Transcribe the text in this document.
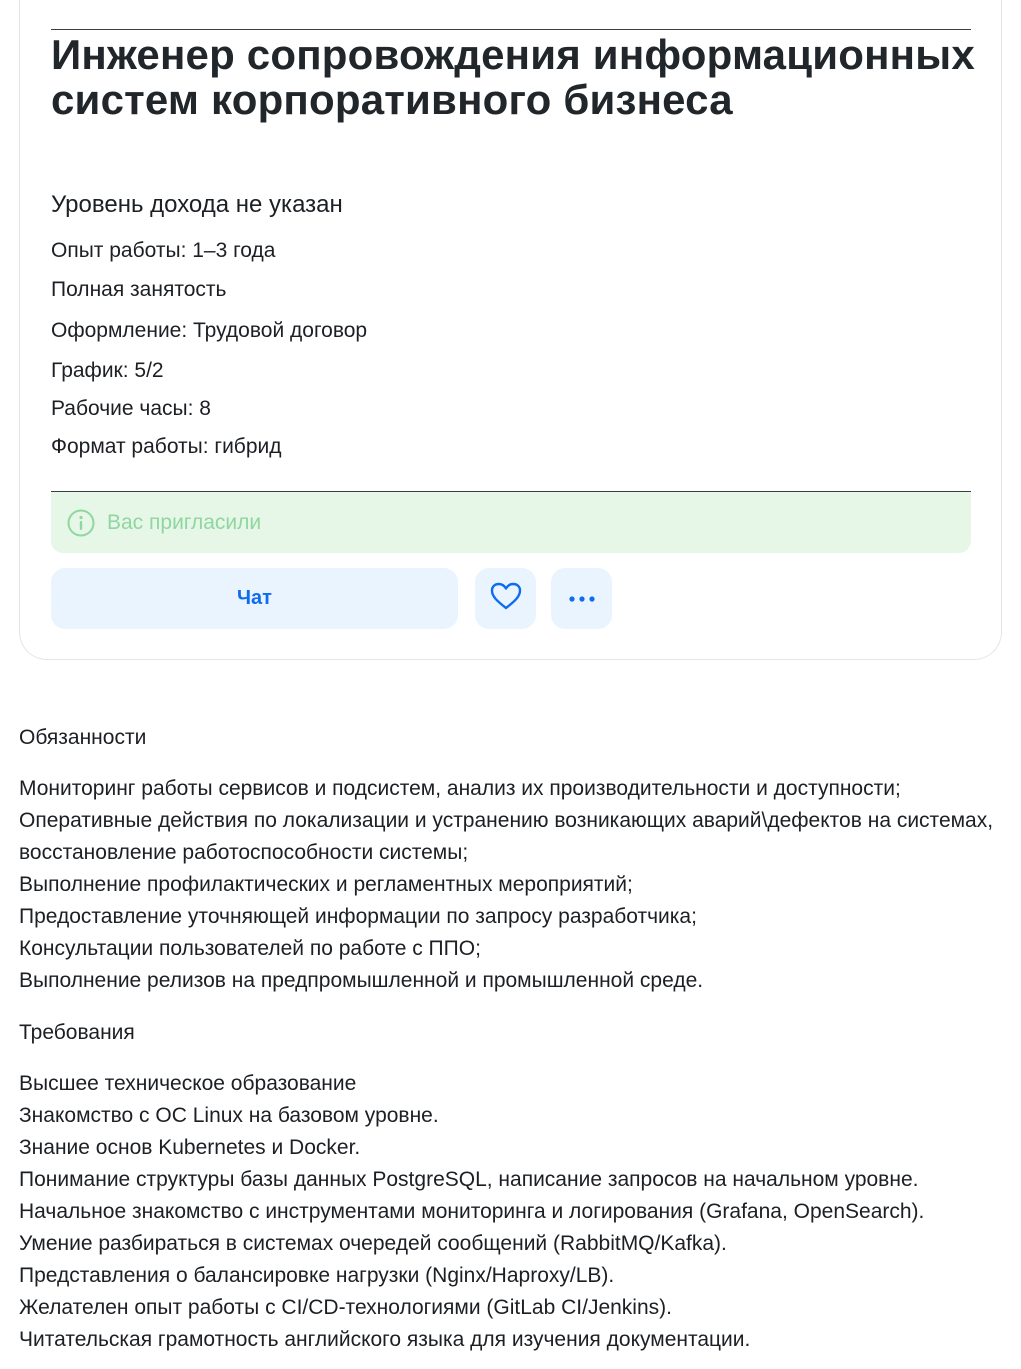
Инженер сопровождения информационных систем корпоративного бизнеса
Уровень дохода не указан
Опыт работы: 1–3 года
Полная занятость
Оформление: Трудовой договор
График: 5/2
Рабочие часы: 8
Формат работы: гибрид
Вас пригласили
Чат
Обязанности
Мониторинг работы сервисов и подсистем, анализ их производительности и доступности;
Оперативные действия по локализации и устранению возникающих аварий\дефектов на системах, восстановление работоспособности системы;
Выполнение профилактических и регламентных мероприятий;
Предоставление уточняющей информации по запросу разработчика;
Консультации пользователей по работе с ППО;
Выполнение релизов на предпромышленной и промышленной среде.
Требования
Высшее техническое образование
Знакомство с ОС Linux на базовом уровне.
Знание основ Kubernetes и Docker.
Понимание структуры базы данных PostgreSQL, написание запросов на начальном уровне.
Начальное знакомство с инструментами мониторинга и логирования (Grafana, OpenSearch).
Умение разбираться в системах очередей сообщений (RabbitMQ/Kafka).
Представления о балансировке нагрузки (Nginx/Haproxy/LB).
Желателен опыт работы с CI/CD-технологиями (GitLab CI/Jenkins).
Читательская грамотность английского языка для изучения документации.
